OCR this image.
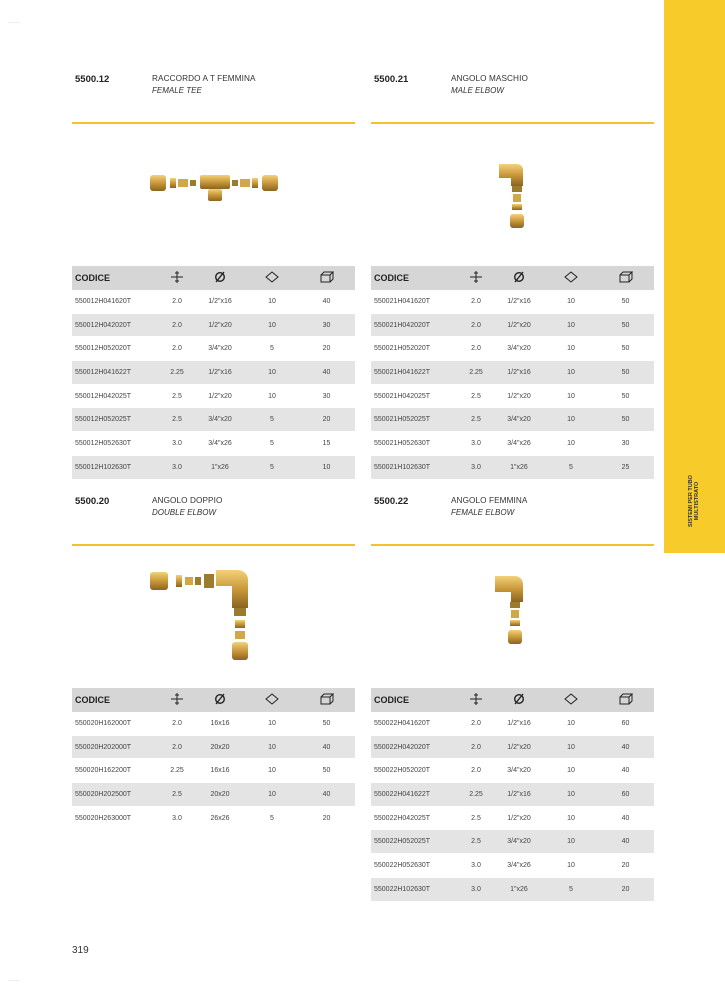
SISTEMI PER TUBO
MULTISTRATO
5500.12	RACCORDO A T FEMMINA
FEMALE TEE
CODICE				
550012H041620T	2.0	1/2"x16	10	40
550012H042020T	2.0	1/2"x20	10	30
550012H052020T	2.0	3/4"x20	5	20
550012H041622T	2.25	1/2"x16	10	40
550012H042025T	2.5	1/2"x20	10	30
550012H052025T	2.5	3/4"x20	5	20
550012H052630T	3.0	3/4"x26	5	15
550012H102630T	3.0	1"x26	5	10
5500.21	ANGOLO MASCHIO
MALE ELBOW
CODICE				
550021H041620T	2.0	1/2"x16	10	50
550021H042020T	2.0	1/2"x20	10	50
550021H052020T	2.0	3/4"x20	10	50
550021H041622T	2.25	1/2"x16	10	50
550021H042025T	2.5	1/2"x20	10	50
550021H052025T	2.5	3/4"x20	10	50
550021H052630T	3.0	3/4"x26	10	30
550021H102630T	3.0	1"x26	5	25
5500.20	ANGOLO DOPPIO
DOUBLE ELBOW
CODICE				
550020H162000T	2.0	16x16	10	50
550020H202000T	2.0	20x20	10	40
550020H162200T	2.25	16x16	10	50
550020H202500T	2.5	20x20	10	40
550020H263000T	3.0	26x26	5	20
5500.22	ANGOLO FEMMINA
FEMALE ELBOW
CODICE				
550022H041620T	2.0	1/2"x16	10	60
550022H042020T	2.0	1/2"x20	10	40
550022H052020T	2.0	3/4"x20	10	40
550022H041622T	2.25	1/2"x16	10	60
550022H042025T	2.5	1/2"x20	10	40
550022H052025T	2.5	3/4"x20	10	40
550022H052630T	3.0	3/4"x26	10	20
550022H102630T	3.0	1"x26	5	20
319
